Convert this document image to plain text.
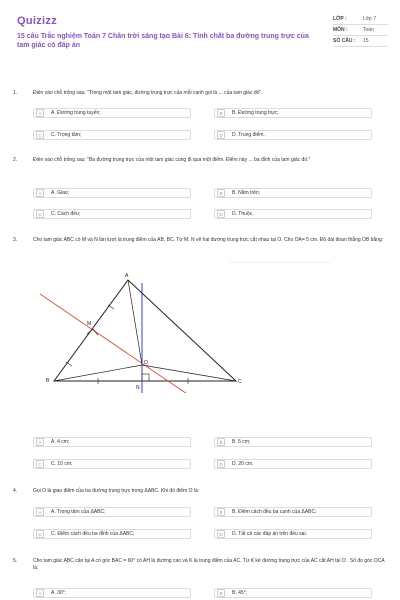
Quizizz
15 câu Trắc nghiệm Toán 7 Chân trời sáng tạo Bài 6: Tính chất ba đường trung trực của tam giác có đáp án
LỚP :	Lớp 7
MÔN :	Toán
SỐ CÂU :	15
1.	Điền vào chỗ trống sau: "Trong một tam giác, đường trung trực của mỗi cạnh gọi là ... của tam giác đó".
A	A. Đường trung tuyến;	B	B. Đường trung trực;
C	C. Trọng tâm;	D	D. Trung điểm.
2.	Điền vào chỗ trống sau: "Ba đường trung trực của một tam giác cùng đi qua một điểm. Điểm này ... ba đỉnh của tam giác đó."
A	A. Giao;	B	B. Nằm trên;
C	C. Cách đều;	D	D. Thuộc.
3.	Cho tam giác ABC có M và N lần lượt là trung điểm của AB, BC. Từ M, N vẽ hai đường trung trực cắt nhau tại O. Cho OA= 5 cm. Độ dài đoạn thẳng OB bằng:
A
B	C
M
N
O
A	A. 4 cm;	B	B. 5 cm;
C	C. 10 cm;	D	D. 20 cm.
4.	Gọi O là giao điểm của ba đường trung trực trong ΔABC. Khi đó điểm O là:
A	A. Trọng tâm của ΔABC;	B	B. Điểm cách đều ba cạnh của ΔABC;
C	C. Điểm cách đều ba đỉnh của ΔABC;	D	D. Tất cả các đáp án trên đều sai.
5.	Cho tam giác ABC cân tại A có góc BAC = 60° có AH là đường cao và K là trung điểm của AC. Từ K kẻ đường trung trực của AC cắt AH tại O . Số đo góc OCA là:
A	A. 30°;	B	B. 45°;
